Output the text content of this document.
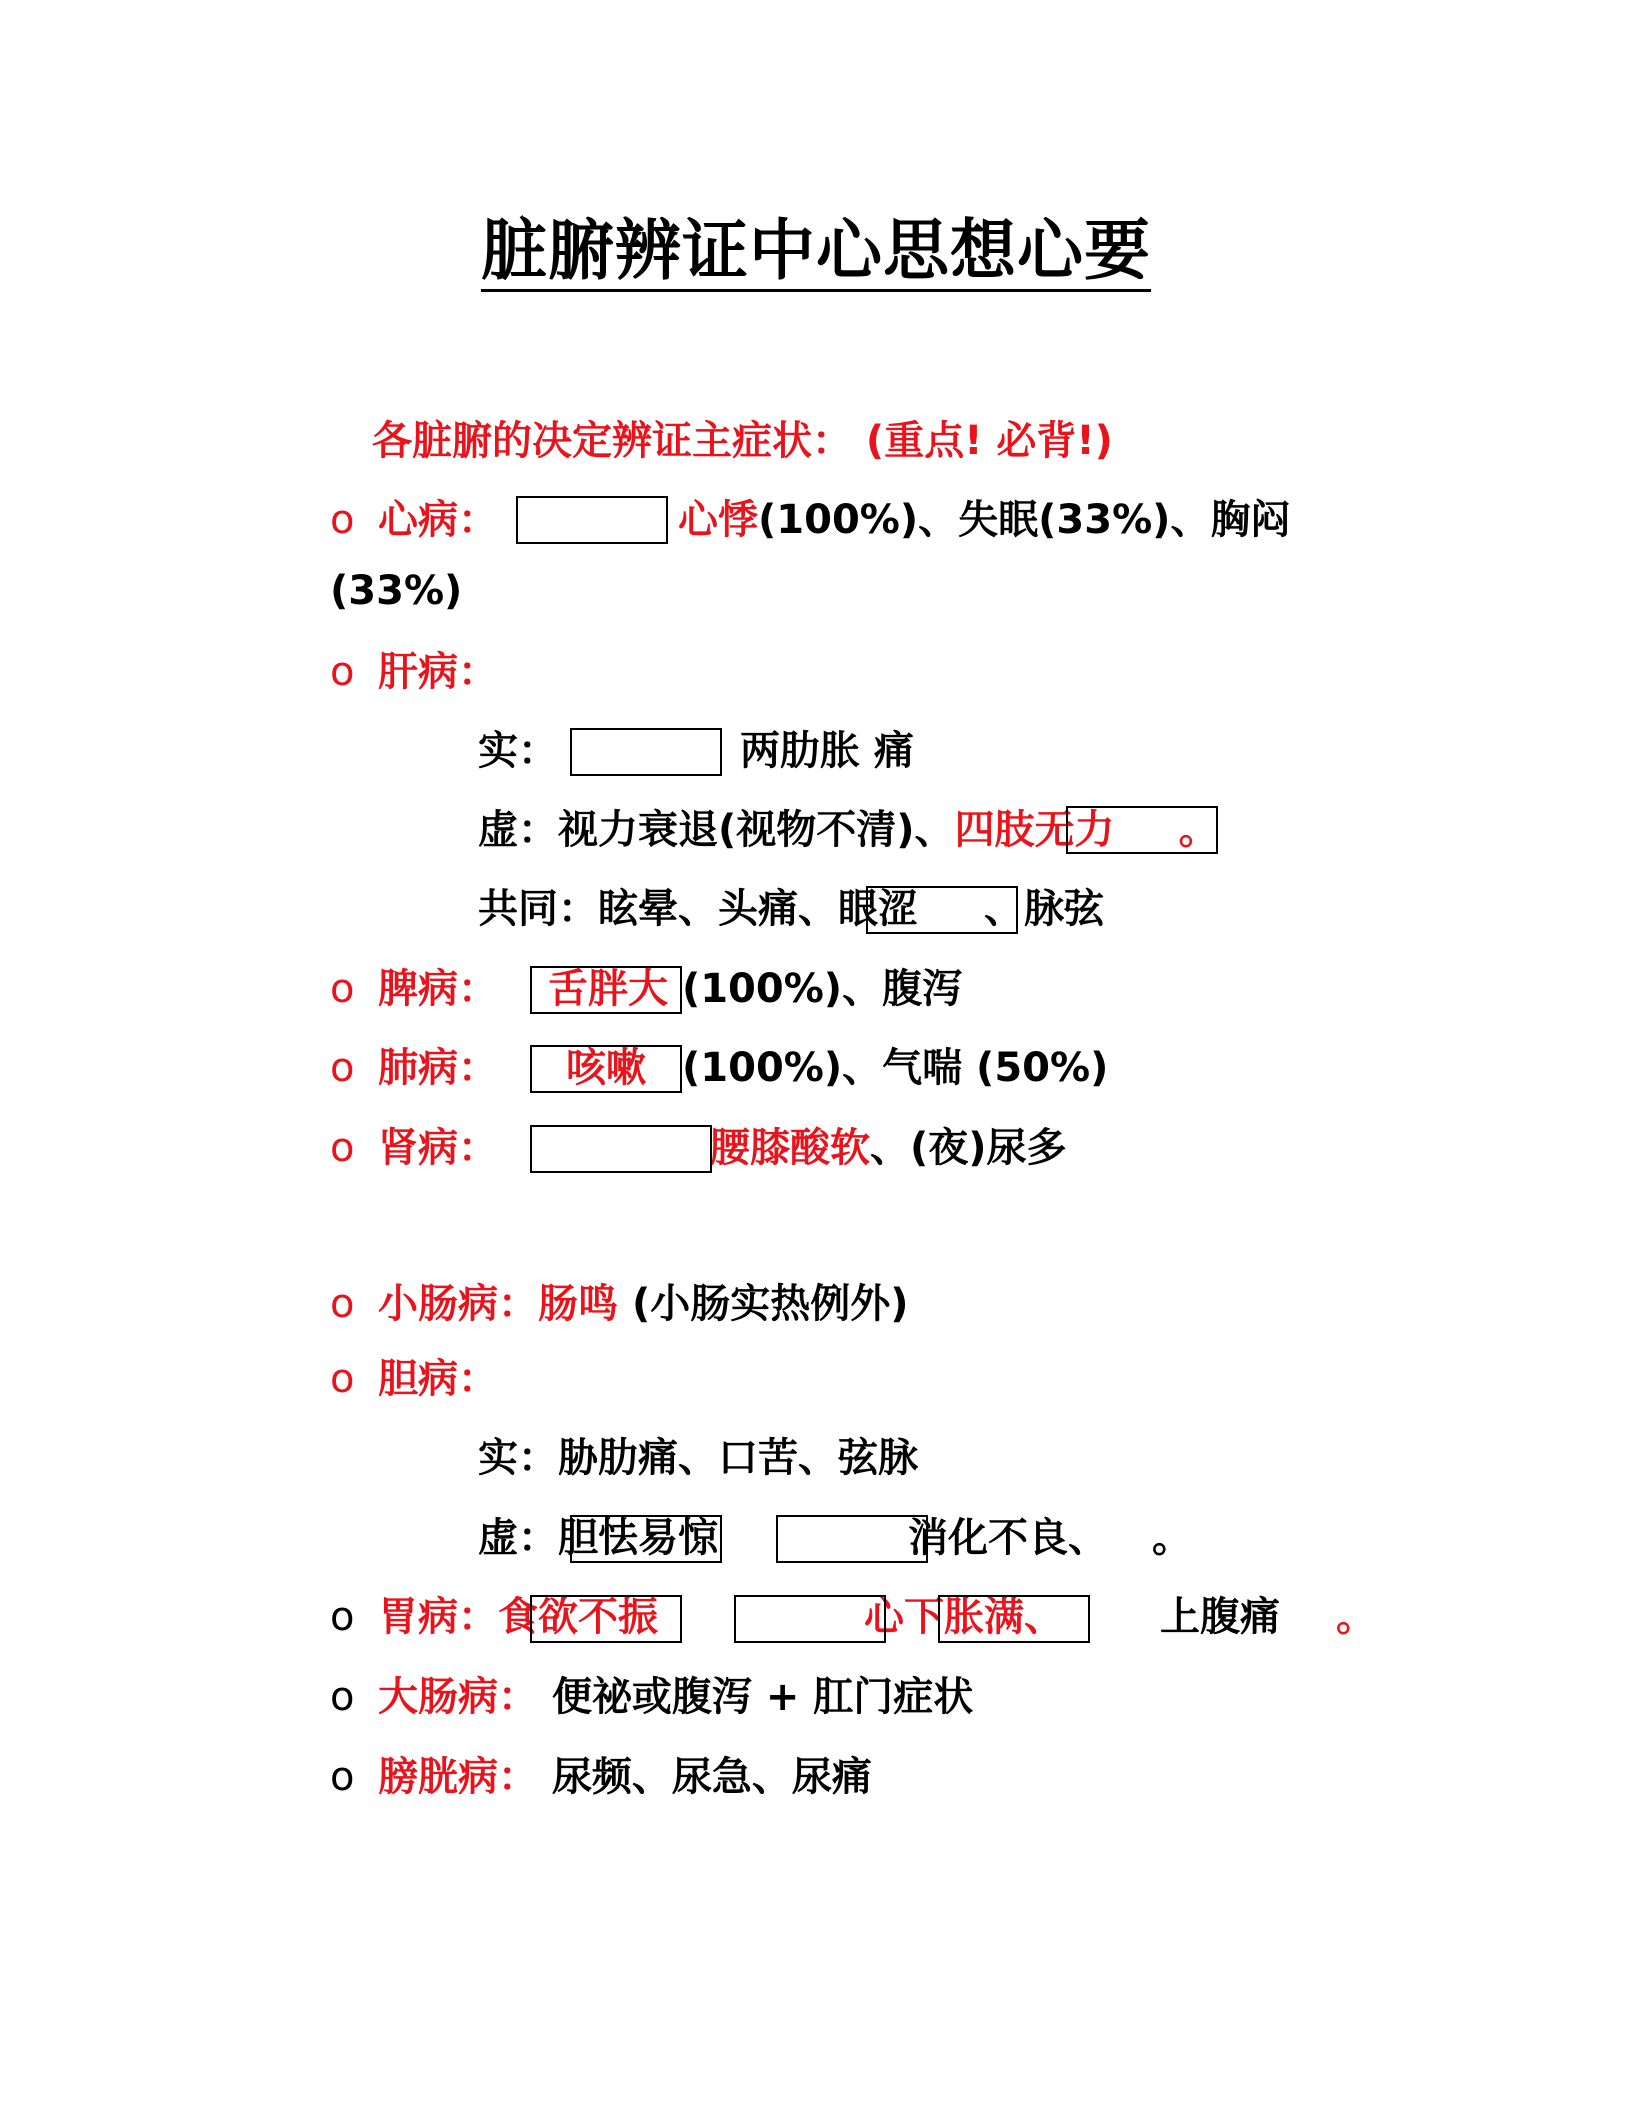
脏腑辨证中心思想心要
各脏腑的决定辨证主症状： (重点! 必背!)
o 心病：	心悸(100%)、失眠(33%)、胸闷
(33%)
o 肝病：
实：	两肋胀 痛
虚：视力衰退(视物不清)、四肢无力 。
共同：眩晕、头痛、眼涩 、脉弦
o 脾病： 舌胖大 (100%)、腹泻
o 肺病： 咳嗽 (100%)、气喘 (50%)
o 肾病：	腰膝酸软、(夜)尿多
o 小肠病：肠鸣 (小肠实热例外)
o 胆病：
实：胁肋痛、口苦、弦脉
虚：胆怯易惊	消化不良、 。
o 胃病：食欲不振	心下胀满、 上腹痛 。
o 大肠病： 便祕或腹泻 + 肛门症状
o 膀胱病： 尿频、尿急、尿痛
